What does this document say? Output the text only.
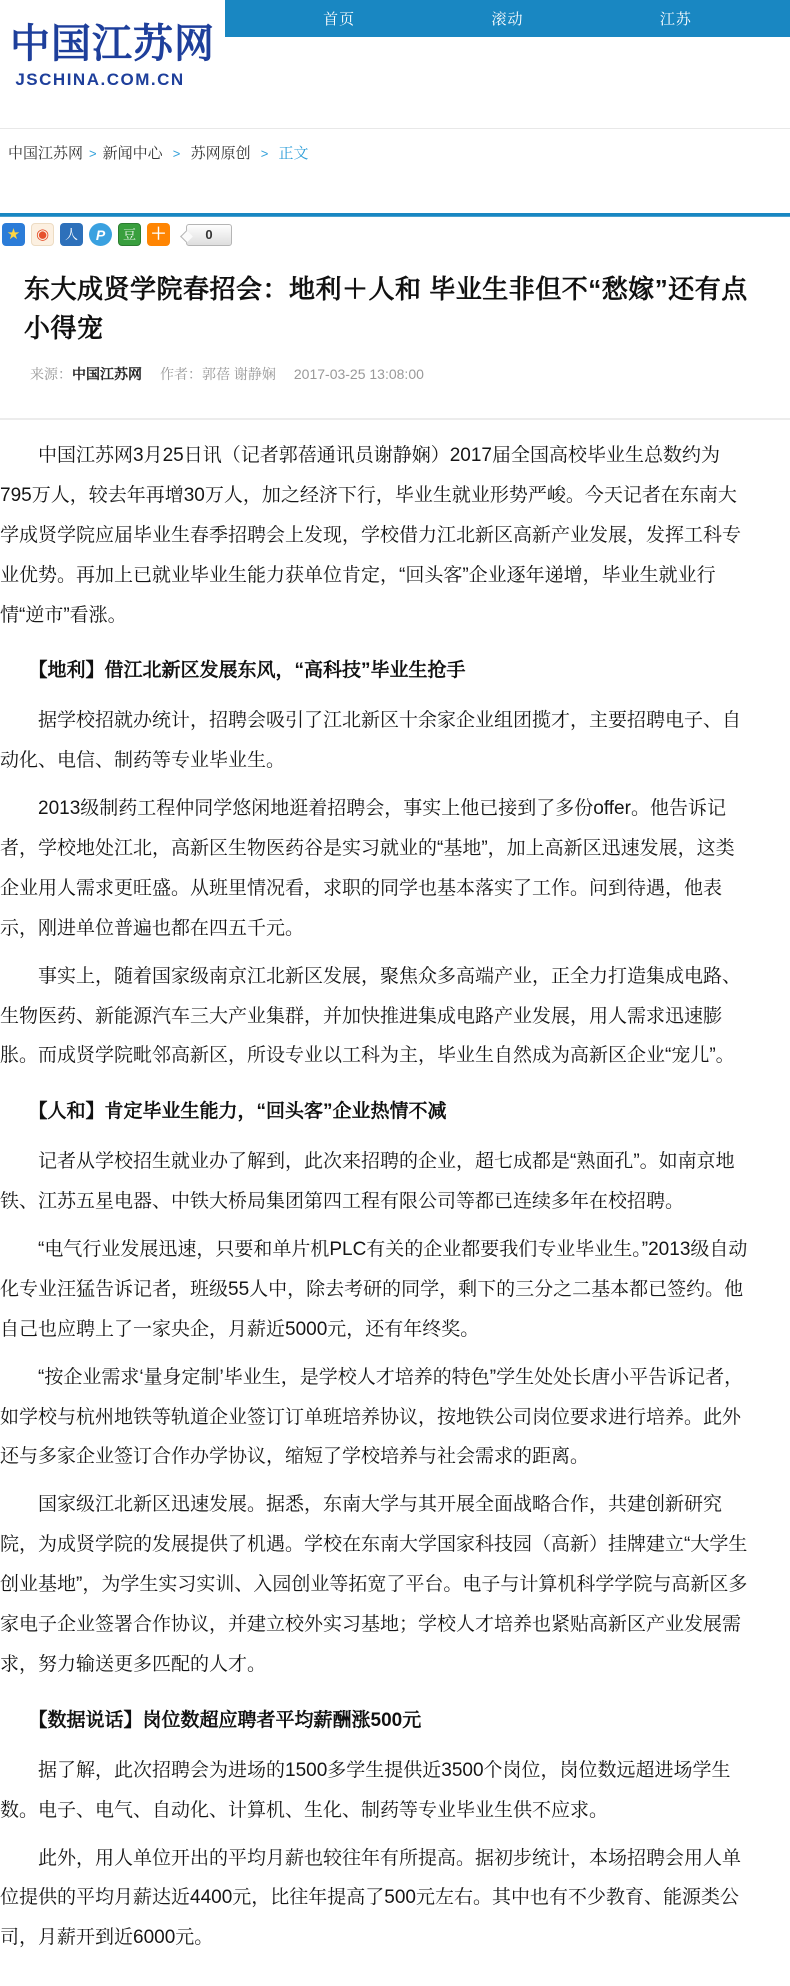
中国江苏网
JSCHINA.COM.CN
首页	滚动	江苏
中国江苏网 > 新闻中心 > 苏网原创 > 正文
★ ◉ 人 P 豆 ＋	0
东大成贤学院春招会：地利＋人和 毕业生非但不“愁嫁”还有点小得宠
来源：中国江苏网 作者：郭蓓 谢静娴 2017-03-25 13:08:00

中国江苏网3月25日讯（记者郭蓓通讯员谢静娴）2017届全国高校毕业生总数约为795万人，较去年再增30万人，加之经济下行，毕业生就业形势严峻。今天记者在东南大学成贤学院应届毕业生春季招聘会上发现，学校借力江北新区高新产业发展，发挥工科专业优势。再加上已就业毕业生能力获单位肯定，“回头客”企业逐年递增，毕业生就业行情“逆市”看涨。

【地利】借江北新区发展东风，“高科技”毕业生抢手

据学校招就办统计，招聘会吸引了江北新区十余家企业组团揽才，主要招聘电子、自动化、电信、制药等专业毕业生。

2013级制药工程仲同学悠闲地逛着招聘会，事实上他已接到了多份offer。他告诉记者，学校地处江北，高新区生物医药谷是实习就业的“基地”，加上高新区迅速发展，这类企业用人需求更旺盛。从班里情况看，求职的同学也基本落实了工作。问到待遇，他表示，刚进单位普遍也都在四五千元。

事实上，随着国家级南京江北新区发展，聚焦众多高端产业，正全力打造集成电路、生物医药、新能源汽车三大产业集群，并加快推进集成电路产业发展，用人需求迅速膨胀。而成贤学院毗邻高新区，所设专业以工科为主，毕业生自然成为高新区企业“宠儿”。

【人和】肯定毕业生能力，“回头客”企业热情不减

记者从学校招生就业办了解到，此次来招聘的企业，超七成都是“熟面孔”。如南京地铁、江苏五星电器、中铁大桥局集团第四工程有限公司等都已连续多年在校招聘。

“电气行业发展迅速，只要和单片机PLC有关的企业都要我们专业毕业生。”2013级自动化专业汪猛告诉记者，班级55人中，除去考研的同学，剩下的三分之二基本都已签约。他自己也应聘上了一家央企，月薪近5000元，还有年终奖。

“按企业需求‘量身定制’毕业生，是学校人才培养的特色”学生处处长唐小平告诉记者，如学校与杭州地铁等轨道企业签订订单班培养协议，按地铁公司岗位要求进行培养。此外还与多家企业签订合作办学协议，缩短了学校培养与社会需求的距离。

国家级江北新区迅速发展。据悉，东南大学与其开展全面战略合作，共建创新研究院，为成贤学院的发展提供了机遇。学校在东南大学国家科技园（高新）挂牌建立“大学生创业基地”，为学生实习实训、入园创业等拓宽了平台。电子与计算机科学学院与高新区多家电子企业签署合作协议，并建立校外实习基地；学校人才培养也紧贴高新区产业发展需求，努力输送更多匹配的人才。

【数据说话】岗位数超应聘者平均薪酬涨500元

据了解，此次招聘会为进场的1500多学生提供近3500个岗位，岗位数远超进场学生数。电子、电气、自动化、计算机、生化、制药等专业毕业生供不应求。

此外，用人单位开出的平均月薪也较往年有所提高。据初步统计，本场招聘会用人单位提供的平均月薪达近4400元，比往年提高了500元左右。其中也有不少教育、能源类公司，月薪开到近6000元。
